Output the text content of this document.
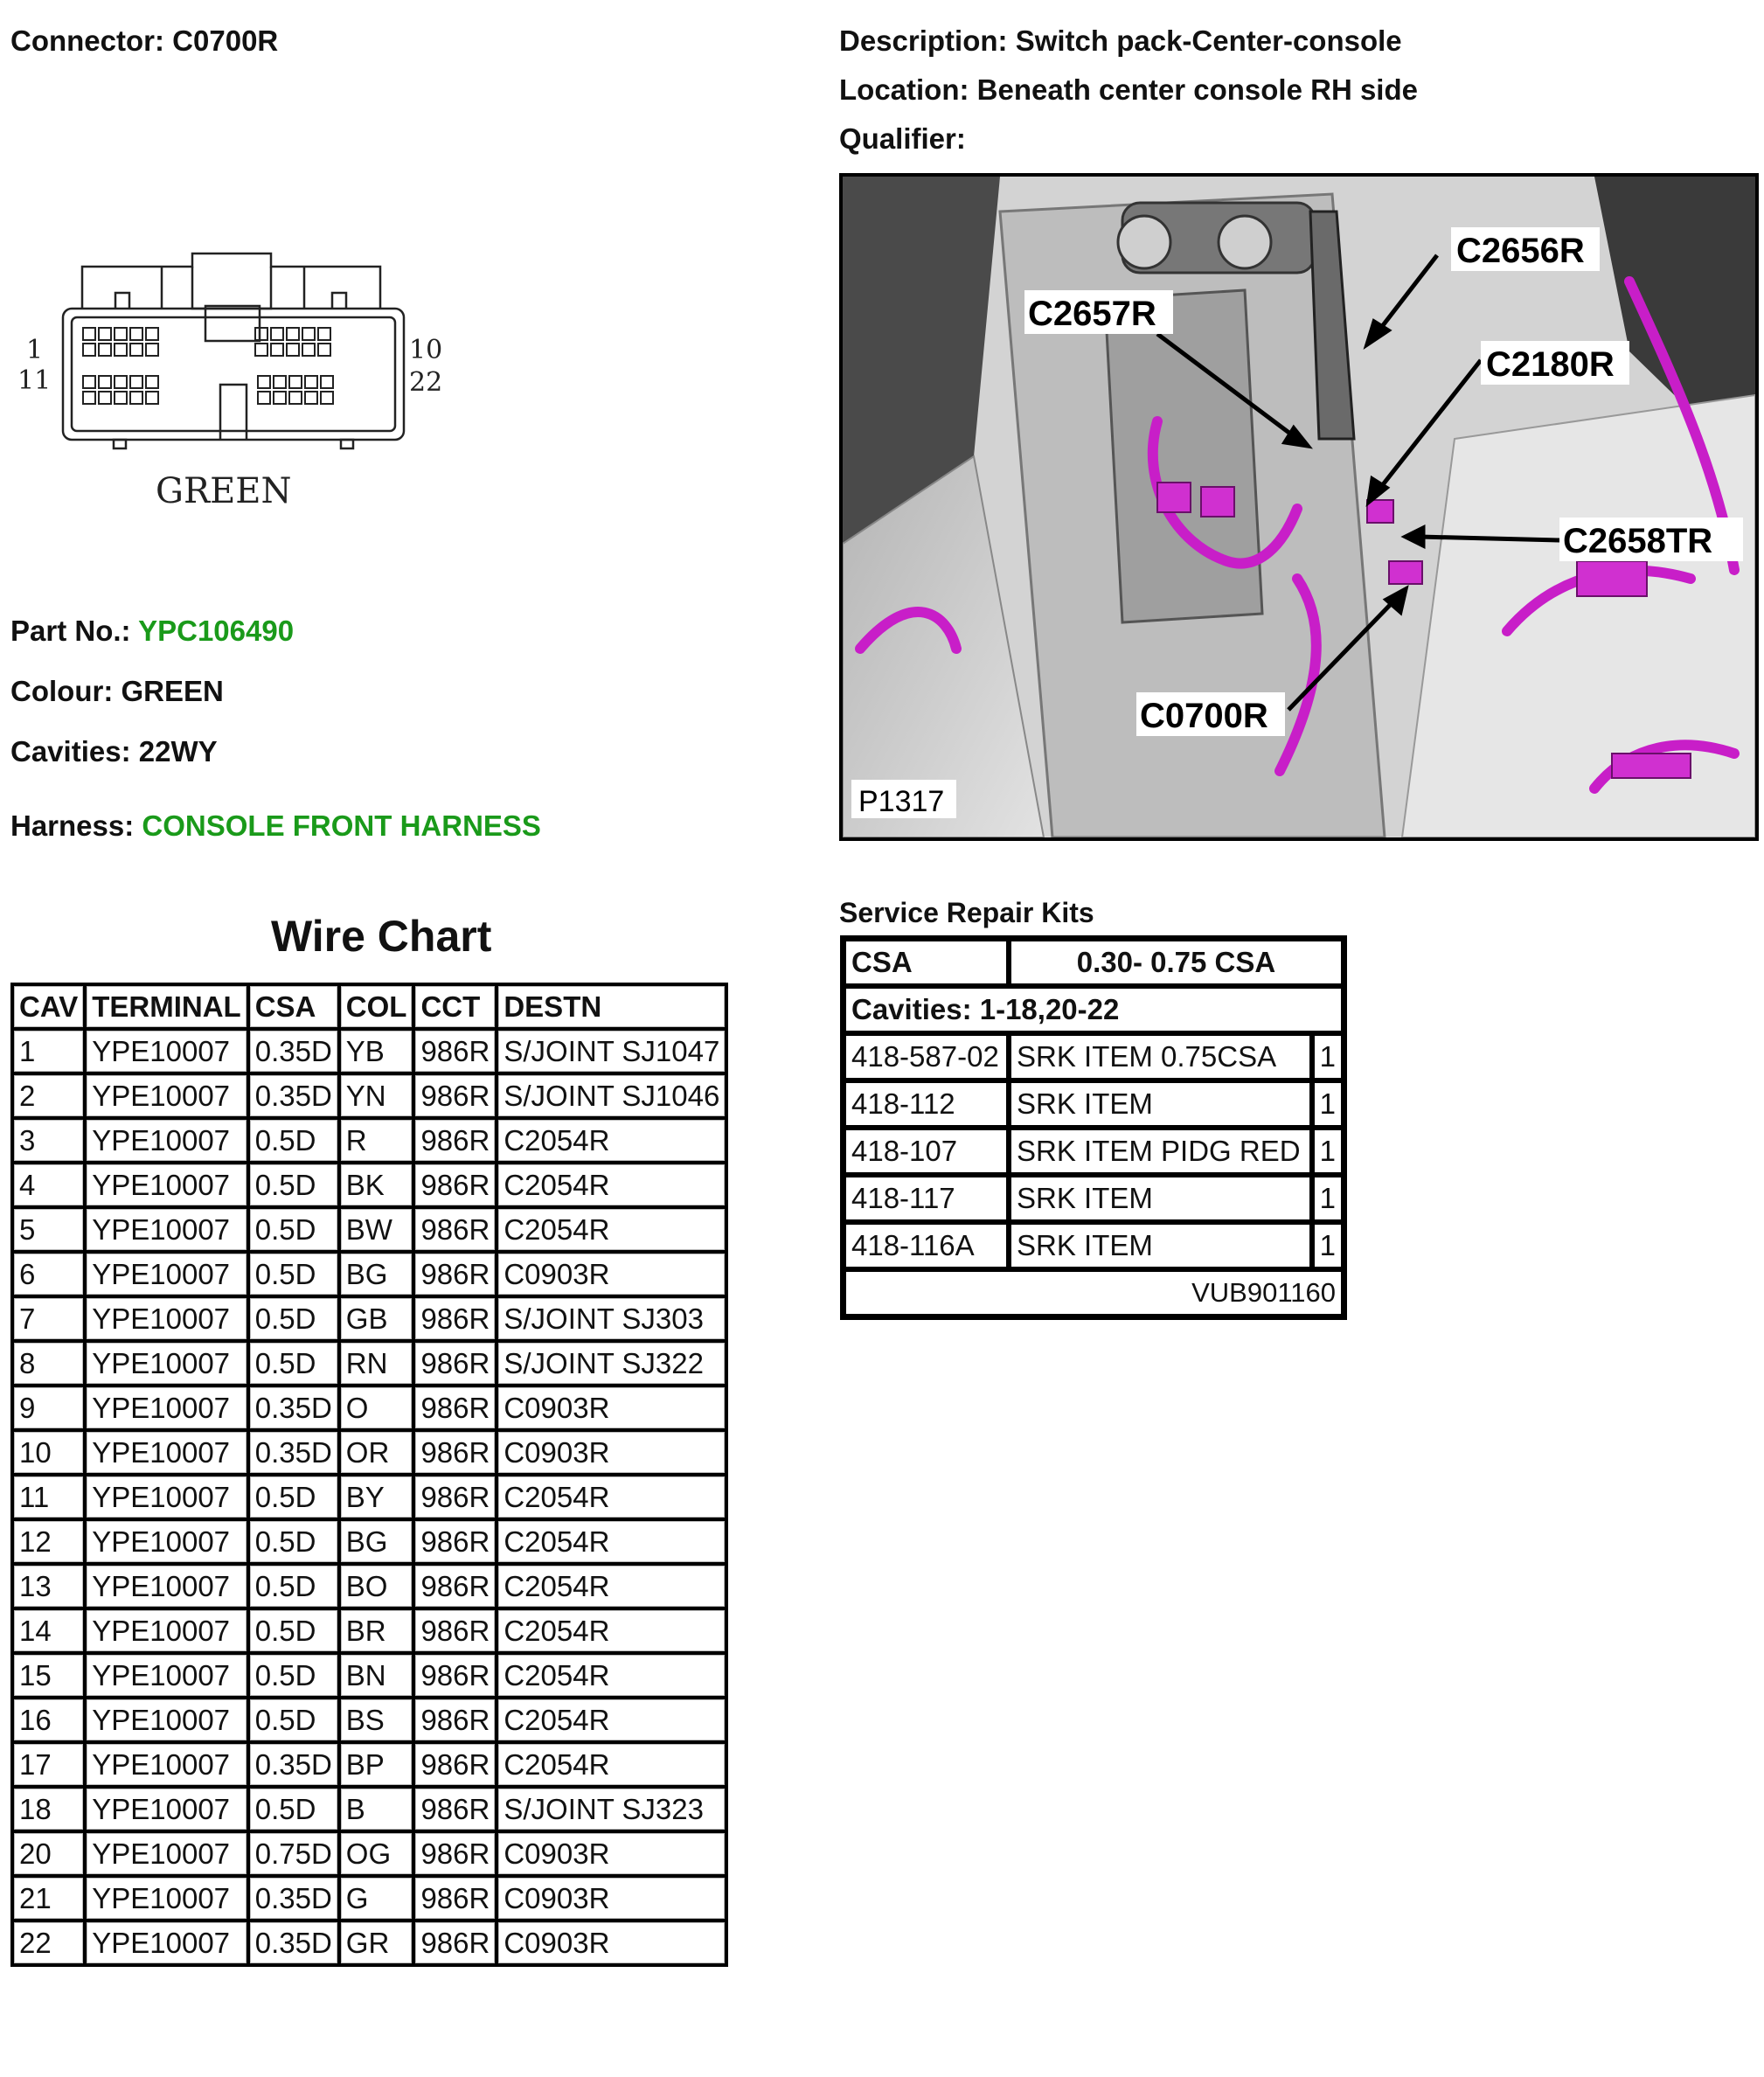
Connector: C0700R	Description: Switch pack-Center-console
Location: Beneath center console RH side
Qualifier:
1
11
10
22
GREEN
Part No.: YPC106490
Colour: GREEN
Cavities: 22WY
Harness: CONSOLE FRONT HARNESS
Wire Chart
CAV	TERMINAL	CSA	COL	CCT	DESTN
1	YPE10007	0.35D	YB	986R	S/JOINT SJ1047
2	YPE10007	0.35D	YN	986R	S/JOINT SJ1046
3	YPE10007	0.5D	R	986R	C2054R
4	YPE10007	0.5D	BK	986R	C2054R
5	YPE10007	0.5D	BW	986R	C2054R
6	YPE10007	0.5D	BG	986R	C0903R
7	YPE10007	0.5D	GB	986R	S/JOINT SJ303
8	YPE10007	0.5D	RN	986R	S/JOINT SJ322
9	YPE10007	0.35D	O	986R	C0903R
10	YPE10007	0.35D	OR	986R	C0903R
11	YPE10007	0.5D	BY	986R	C2054R
12	YPE10007	0.5D	BG	986R	C2054R
13	YPE10007	0.5D	BO	986R	C2054R
14	YPE10007	0.5D	BR	986R	C2054R
15	YPE10007	0.5D	BN	986R	C2054R
16	YPE10007	0.5D	BS	986R	C2054R
17	YPE10007	0.35D	BP	986R	C2054R
18	YPE10007	0.5D	B	986R	S/JOINT SJ323
20	YPE10007	0.75D	OG	986R	C0903R
21	YPE10007	0.35D	G	986R	C0903R
22	YPE10007	0.35D	GR	986R	C0903R
C2656R
C2657R
C2180R
C2658TR
C0700R
P1317
Service Repair Kits
CSA	0.30- 0.75 CSA	
Cavities: 1-18,20-22		
418-587-02	SRK ITEM 0.75CSA	1
418-112	SRK ITEM	1
418-107	SRK ITEM PIDG RED	1
418-117	SRK ITEM	1
418-116A	SRK ITEM	1
VUB901160		
